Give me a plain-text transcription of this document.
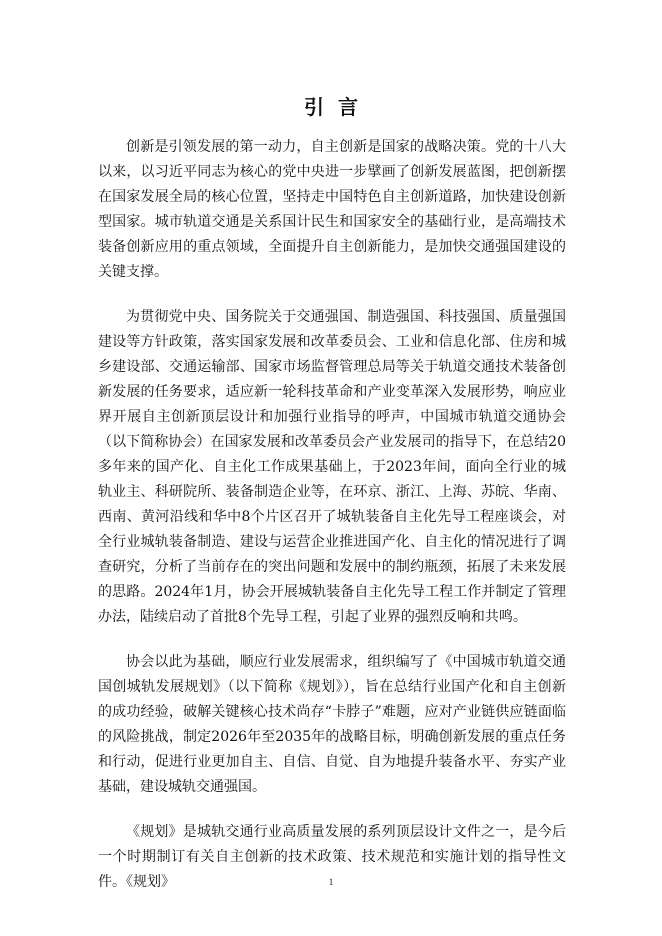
引言

创新是引领发展的第一动力，自主创新是国家的战略决策。党的十八大以来，以习近平同志为核心的党中央进一步擘画了创新发展蓝图，把创新摆在国家发展全局的核心位置，坚持走中国特色自主创新道路，加快建设创新型国家。城市轨道交通是关系国计民生和国家安全的基础行业，是高端技术装备创新应用的重点领域，全面提升自主创新能力，是加快交通强国建设的关键支撑。

为贯彻党中央、国务院关于交通强国、制造强国、科技强国、质量强国建设等方针政策，落实国家发展和改革委员会、工业和信息化部、住房和城乡建设部、交通运输部、国家市场监督管理总局等关于轨道交通技术装备创新发展的任务要求，适应新一轮科技革命和产业变革深入发展形势，响应业界开展自主创新顶层设计和加强行业指导的呼声，中国城市轨道交通协会（以下简称协会）在国家发展和改革委员会产业发展司的指导下，在总结20多年来的国产化、自主化工作成果基础上，于2023年间，面向全行业的城轨业主、科研院所、装备制造企业等，在环京、浙江、上海、苏皖、华南、西南、黄河沿线和华中8个片区召开了城轨装备自主化先导工程座谈会，对全行业城轨装备制造、建设与运营企业推进国产化、自主化的情况进行了调查研究，分析了当前存在的突出问题和发展中的制约瓶颈，拓展了未来发展的思路。2024年1月，协会开展城轨装备自主化先导工程工作并制定了管理办法，陆续启动了首批8个先导工程，引起了业界的强烈反响和共鸣。

协会以此为基础，顺应行业发展需求，组织编写了《中国城市轨道交通国创城轨发展规划》（以下简称《规划》），旨在总结行业国产化和自主创新的成功经验，破解关键核心技术尚存“卡脖子”难题，应对产业链供应链面临的风险挑战，制定2026年至2035年的战略目标，明确创新发展的重点任务和行动，促进行业更加自主、自信、自觉、自为地提升装备水平、夯实产业基础，建设城轨交通强国。

《规划》是城轨交通行业高质量发展的系列顶层设计文件之一，是今后一个时期制订有关自主创新的技术政策、技术规范和实施计划的指导性文件。《规划》	1
